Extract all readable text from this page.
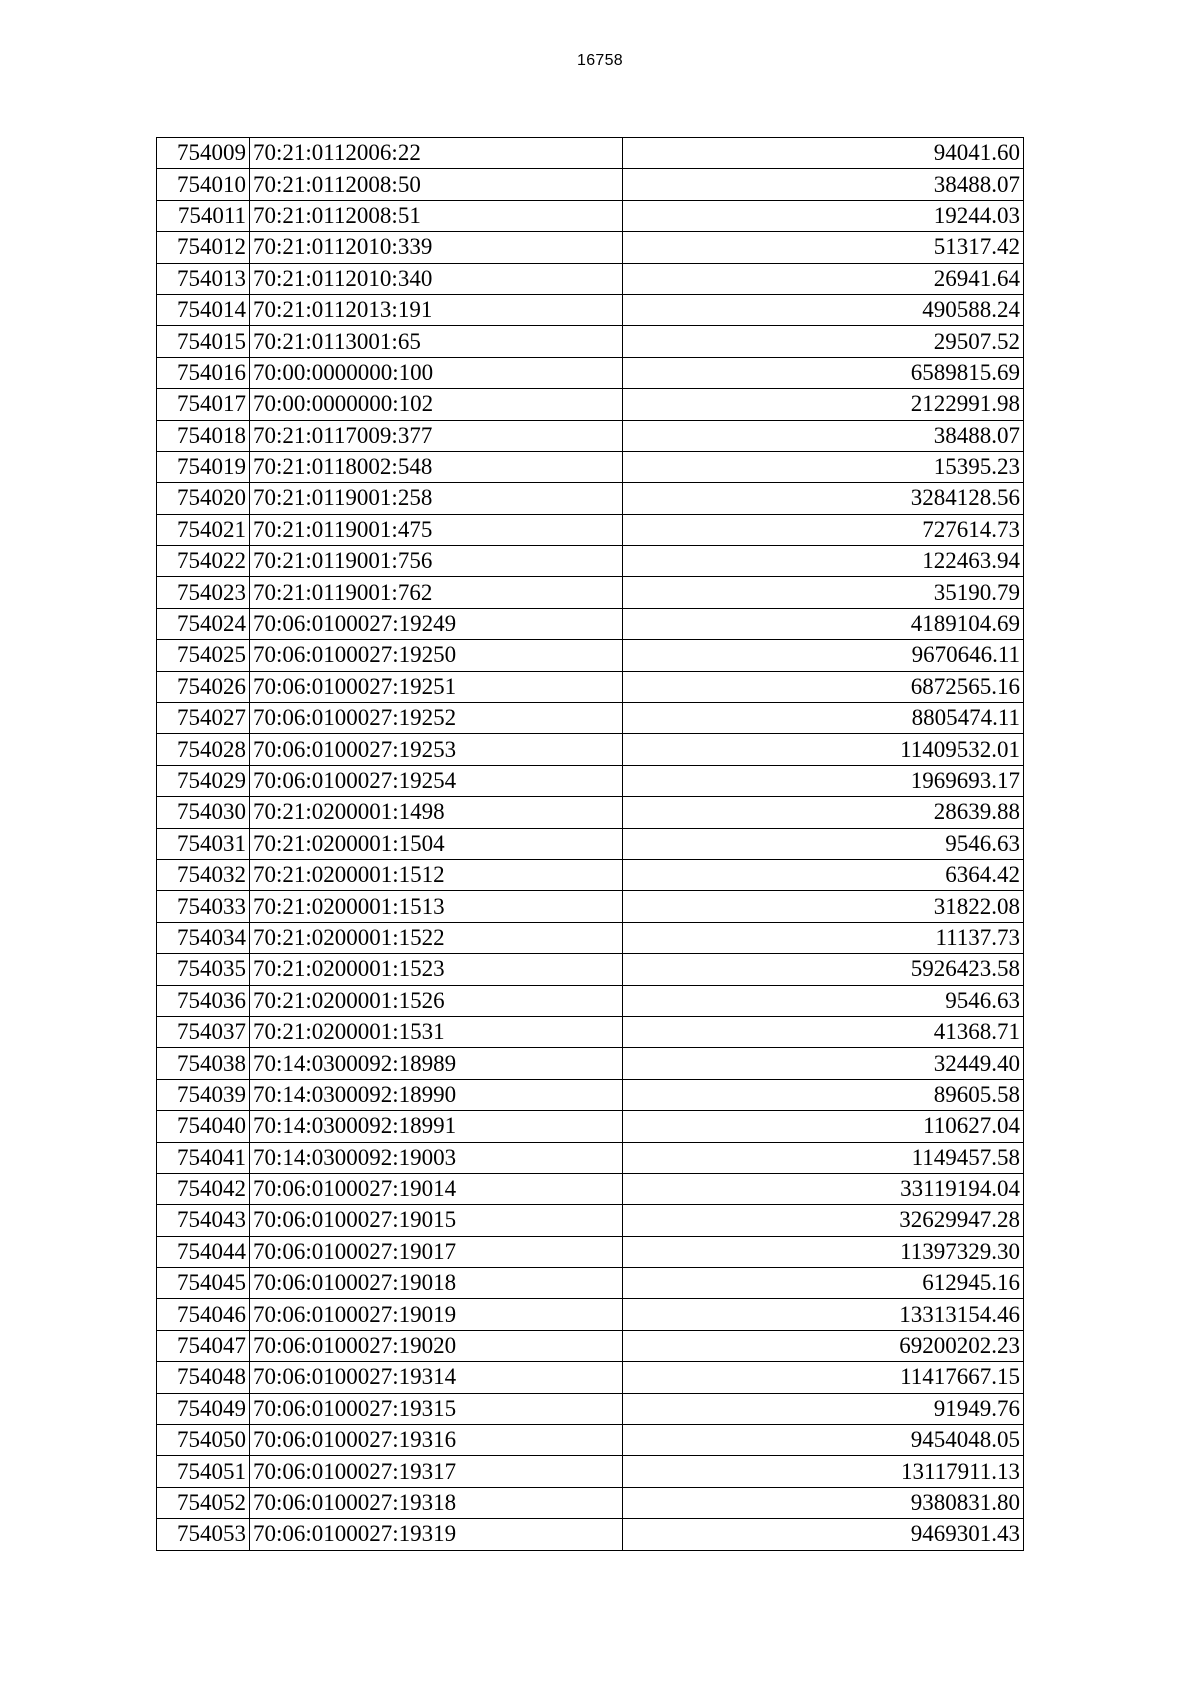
16758
754009	70:21:0112006:22	94041.60
754010	70:21:0112008:50	38488.07
754011	70:21:0112008:51	19244.03
754012	70:21:0112010:339	51317.42
754013	70:21:0112010:340	26941.64
754014	70:21:0112013:191	490588.24
754015	70:21:0113001:65	29507.52
754016	70:00:0000000:100	6589815.69
754017	70:00:0000000:102	2122991.98
754018	70:21:0117009:377	38488.07
754019	70:21:0118002:548	15395.23
754020	70:21:0119001:258	3284128.56
754021	70:21:0119001:475	727614.73
754022	70:21:0119001:756	122463.94
754023	70:21:0119001:762	35190.79
754024	70:06:0100027:19249	4189104.69
754025	70:06:0100027:19250	9670646.11
754026	70:06:0100027:19251	6872565.16
754027	70:06:0100027:19252	8805474.11
754028	70:06:0100027:19253	11409532.01
754029	70:06:0100027:19254	1969693.17
754030	70:21:0200001:1498	28639.88
754031	70:21:0200001:1504	9546.63
754032	70:21:0200001:1512	6364.42
754033	70:21:0200001:1513	31822.08
754034	70:21:0200001:1522	11137.73
754035	70:21:0200001:1523	5926423.58
754036	70:21:0200001:1526	9546.63
754037	70:21:0200001:1531	41368.71
754038	70:14:0300092:18989	32449.40
754039	70:14:0300092:18990	89605.58
754040	70:14:0300092:18991	110627.04
754041	70:14:0300092:19003	1149457.58
754042	70:06:0100027:19014	33119194.04
754043	70:06:0100027:19015	32629947.28
754044	70:06:0100027:19017	11397329.30
754045	70:06:0100027:19018	612945.16
754046	70:06:0100027:19019	13313154.46
754047	70:06:0100027:19020	69200202.23
754048	70:06:0100027:19314	11417667.15
754049	70:06:0100027:19315	91949.76
754050	70:06:0100027:19316	9454048.05
754051	70:06:0100027:19317	13117911.13
754052	70:06:0100027:19318	9380831.80
754053	70:06:0100027:19319	9469301.43
